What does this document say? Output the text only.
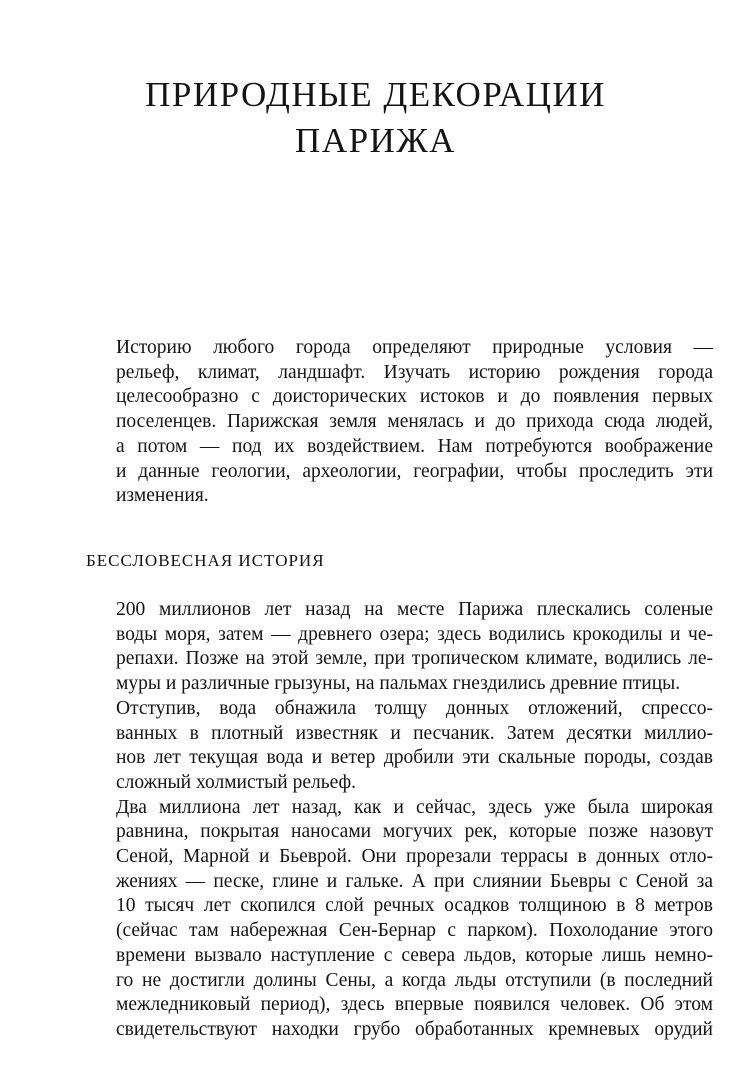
ПРИРОДНЫЕ ДЕКОРАЦИИ
ПАРИЖА

Историю любого города определяют природные условия —
рельеф, климат, ландшафт. Изучать историю рождения города
целесообразно с доисторических истоков и до появления первых
поселенцев. Парижская земля менялась и до прихода сюда людей,
а потом — под их воздействием. Нам потребуются воображение
и данные геологии, археологии, географии, чтобы проследить эти
изменения.

БЕССЛОВЕСНАЯ ИСТОРИЯ

200 миллионов лет назад на месте Парижа плескались соленые
воды моря, затем — древнего озера; здесь водились крокодилы и че-
репахи. Позже на этой земле, при тропическом климате, водились ле-
муры и различные грызуны, на пальмах гнездились древние птицы.

Отступив, вода обнажила толщу донных отложений, спрессо-
ванных в плотный известняк и песчаник. Затем десятки миллио-
нов лет текущая вода и ветер дробили эти скальные породы, создав
сложный холмистый рельеф.

Два миллиона лет назад, как и сейчас, здесь уже была широкая
равнина, покрытая наносами могучих рек, которые позже назовут
Сеной, Марной и Бьеврой. Они прорезали террасы в донных отло-
жениях — песке, глине и гальке. А при слиянии Бьевры с Сеной за
10 тысяч лет скопился слой речных осадков толщиною в 8 метров
(сейчас там набережная Сен-Бернар с парком). Похолодание этого
времени вызвало наступление с севера льдов, которые лишь немно-
го не достигли долины Сены, а когда льды отступили (в последний
межледниковый период), здесь впервые появился человек. Об этом
свидетельствуют находки грубо обработанных кремневых орудий
